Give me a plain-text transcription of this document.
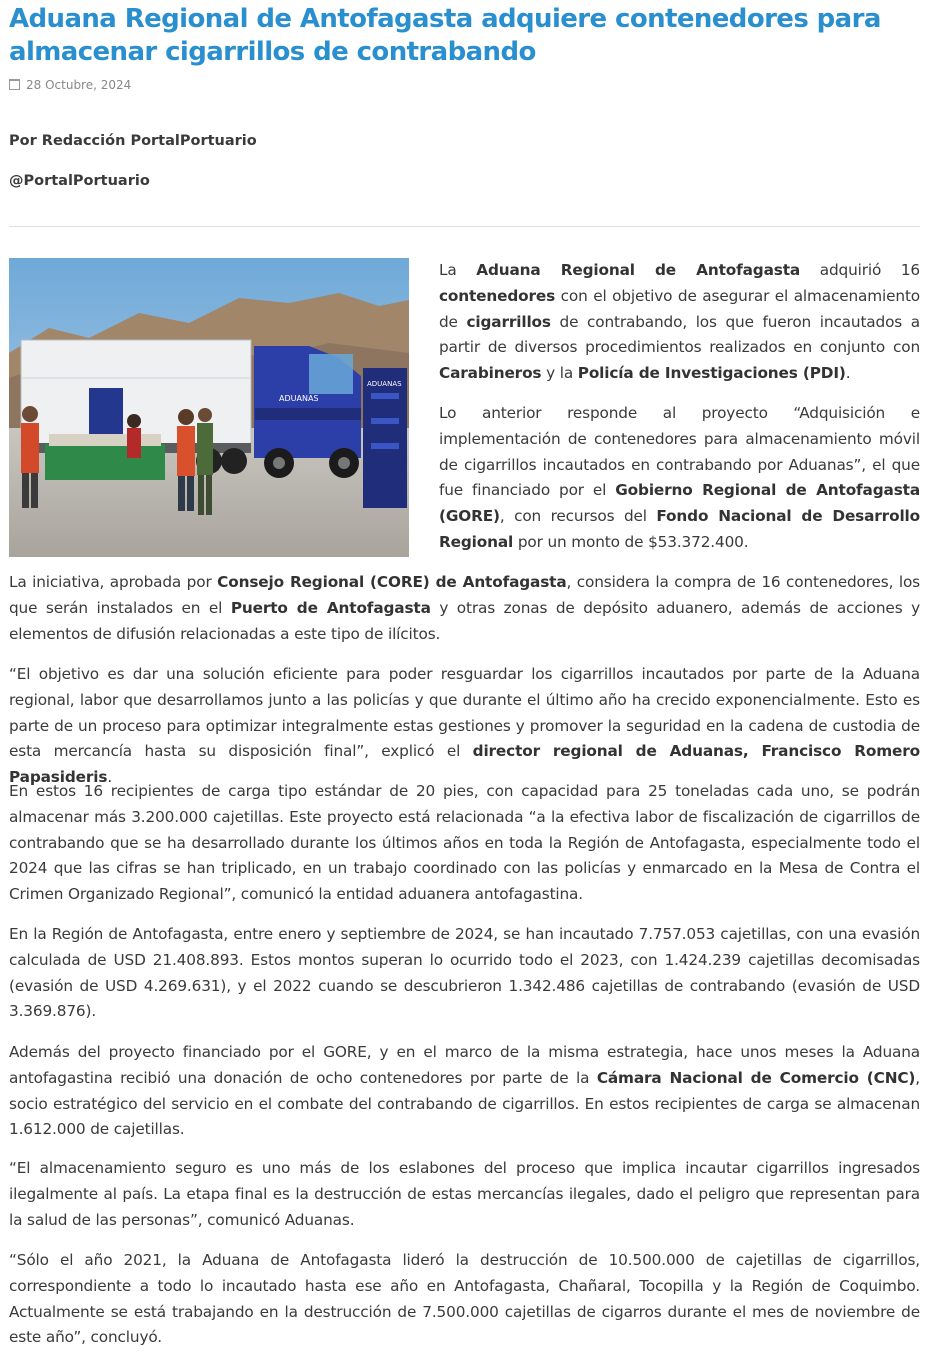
Aduana Regional de Antofagasta adquiere contenedores para almacenar cigarrillos de contrabando
28 Octubre, 2024

Por Redacción PortalPortuario

@PortalPortuario

ADUANAS
ADUANAS

La Aduana Regional de Antofagasta adquirió 16 contenedores con el objetivo de asegurar el almacenamiento de cigarrillos de contrabando, los que fueron incautados a partir de diversos procedimientos realizados en conjunto con Carabineros y la Policía de Investigaciones (PDI).

Lo anterior responde al proyecto “Adquisición e implementación de contenedores para almacenamiento móvil de cigarrillos incautados en contrabando por Aduanas”, el que fue financiado por el Gobierno Regional de Antofagasta (GORE), con recursos del Fondo Nacional de Desarrollo Regional por un monto de $53.372.400.

La iniciativa, aprobada por Consejo Regional (CORE) de Antofagasta, considera la compra de 16 contenedores, los que serán instalados en el Puerto de Antofagasta y otras zonas de depósito aduanero, además de acciones y elementos de difusión relacionadas a este tipo de ilícitos.

“El objetivo es dar una solución eficiente para poder resguardar los cigarrillos incautados por parte de la Aduana regional, labor que desarrollamos junto a las policías y que durante el último año ha crecido exponencialmente. Esto es parte de un proceso para optimizar integralmente estas gestiones y promover la seguridad en la cadena de custodia de esta mercancía hasta su disposición final”, explicó el director regional de Aduanas, Francisco Romero Papasideris.

En estos 16 recipientes de carga tipo estándar de 20 pies, con capacidad para 25 toneladas cada uno, se podrán almacenar más 3.200.000 cajetillas. Este proyecto está relacionada “a la efectiva labor de fiscalización de cigarrillos de contrabando que se ha desarrollado durante los últimos años en toda la Región de Antofagasta, especialmente todo el 2024 que las cifras se han triplicado, en un trabajo coordinado con las policías y enmarcado en la Mesa de Contra el Crimen Organizado Regional”, comunicó la entidad aduanera antofagastina.

En la Región de Antofagasta, entre enero y septiembre de 2024, se han incautado 7.757.053 cajetillas, con una evasión calculada de USD 21.408.893. Estos montos superan lo ocurrido todo el 2023, con 1.424.239 cajetillas decomisadas (evasión de USD 4.269.631), y el 2022 cuando se descubrieron 1.342.486 cajetillas de contrabando (evasión de USD 3.369.876).

Además del proyecto financiado por el GORE, y en el marco de la misma estrategia, hace unos meses la Aduana antofagastina recibió una donación de ocho contenedores por parte de la Cámara Nacional de Comercio (CNC), socio estratégico del servicio en el combate del contrabando de cigarrillos. En estos recipientes de carga se almacenan 1.612.000 de cajetillas.

“El almacenamiento seguro es uno más de los eslabones del proceso que implica incautar cigarrillos ingresados ilegalmente al país. La etapa final es la destrucción de estas mercancías ilegales, dado el peligro que representan para la salud de las personas”, comunicó Aduanas.

“Sólo el año 2021, la Aduana de Antofagasta lideró la destrucción de 10.500.000 de cajetillas de cigarrillos, correspondiente a todo lo incautado hasta ese año en Antofagasta, Chañaral, Tocopilla y la Región de Coquimbo. Actualmente se está trabajando en la destrucción de 7.500.000 cajetillas de cigarros durante el mes de noviembre de este año”, concluyó.
